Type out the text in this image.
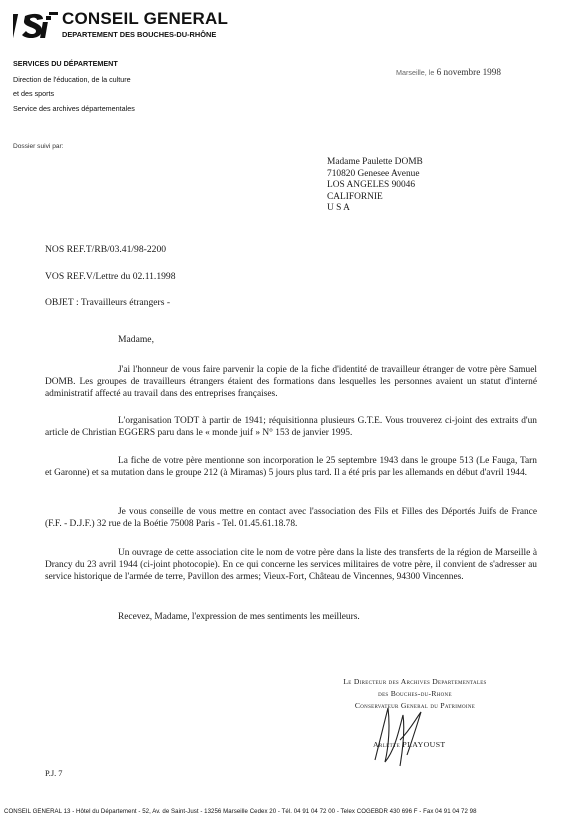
CONSEIL GENERAL
DEPARTEMENT DES BOUCHES-DU-RHÔNE
SERVICES DU DÉPARTEMENT
Direction de l'éducation, de la culture
et des sports
Service des archives départementales
Dossier suivi par:
Marseille, le 6 novembre 1998
Madame Paulette DOMB
710820 Genesee Avenue
LOS ANGELES 90046
CALIFORNIE
U S A
NOS REF.T/RB/03.41/98-2200
VOS REF.V/Lettre du 02.11.1998
OBJET : Travailleurs étrangers -
Madame,

J'ai l'honneur de vous faire parvenir la copie de la fiche d'identité de travailleur étranger de votre père Samuel DOMB. Les groupes de travailleurs étrangers étaient des formations dans lesquelles les personnes avaient un statut d'interné administratif affecté au travail dans des entreprises françaises.

L'organisation TODT à partir de 1941; réquisitionna plusieurs G.T.E. Vous trouverez ci-joint des extraits d'un article de Christian EGGERS paru dans le « monde juif » N° 153 de janvier 1995.

La fiche de votre père mentionne son incorporation le 25 septembre 1943 dans le groupe 513 (Le Fauga, Tarn et Garonne) et sa mutation dans le groupe 212 (à Miramas) 5 jours plus tard. Il a été pris par les allemands en début d'avril 1944.

Je vous conseille de vous mettre en contact avec l'association des Fils et Filles des Déportés Juifs de France (F.F. - D.J.F.) 32 rue de la Boétie 75008 Paris - Tel. 01.45.61.18.78.

Un ouvrage de cette association cite le nom de votre père dans la liste des transferts de la région de Marseille à Drancy du 23 avril 1944 (ci-joint photocopie). En ce qui concerne les services militaires de votre père, il convient de s'adresser au service historique de l'armée de terre, Pavillon des armes; Vieux-Fort, Château de Vincennes, 94300 Vincennes.

Recevez, Madame, l'expression de mes sentiments les meilleurs.
Le Directeur des Archives Departementales
des Bouches-du-Rhone
Conservateur General du Patrimoine
Arlette PLAYOUST
P.J. 7
CONSEIL GENERAL 13 - Hôtel du Département - 52, Av. de Saint-Just - 13256 Marseille Cedex 20 - Tél. 04 91 04 72 00 - Telex COGEBDR 430 696 F - Fax 04 91 04 72 98
